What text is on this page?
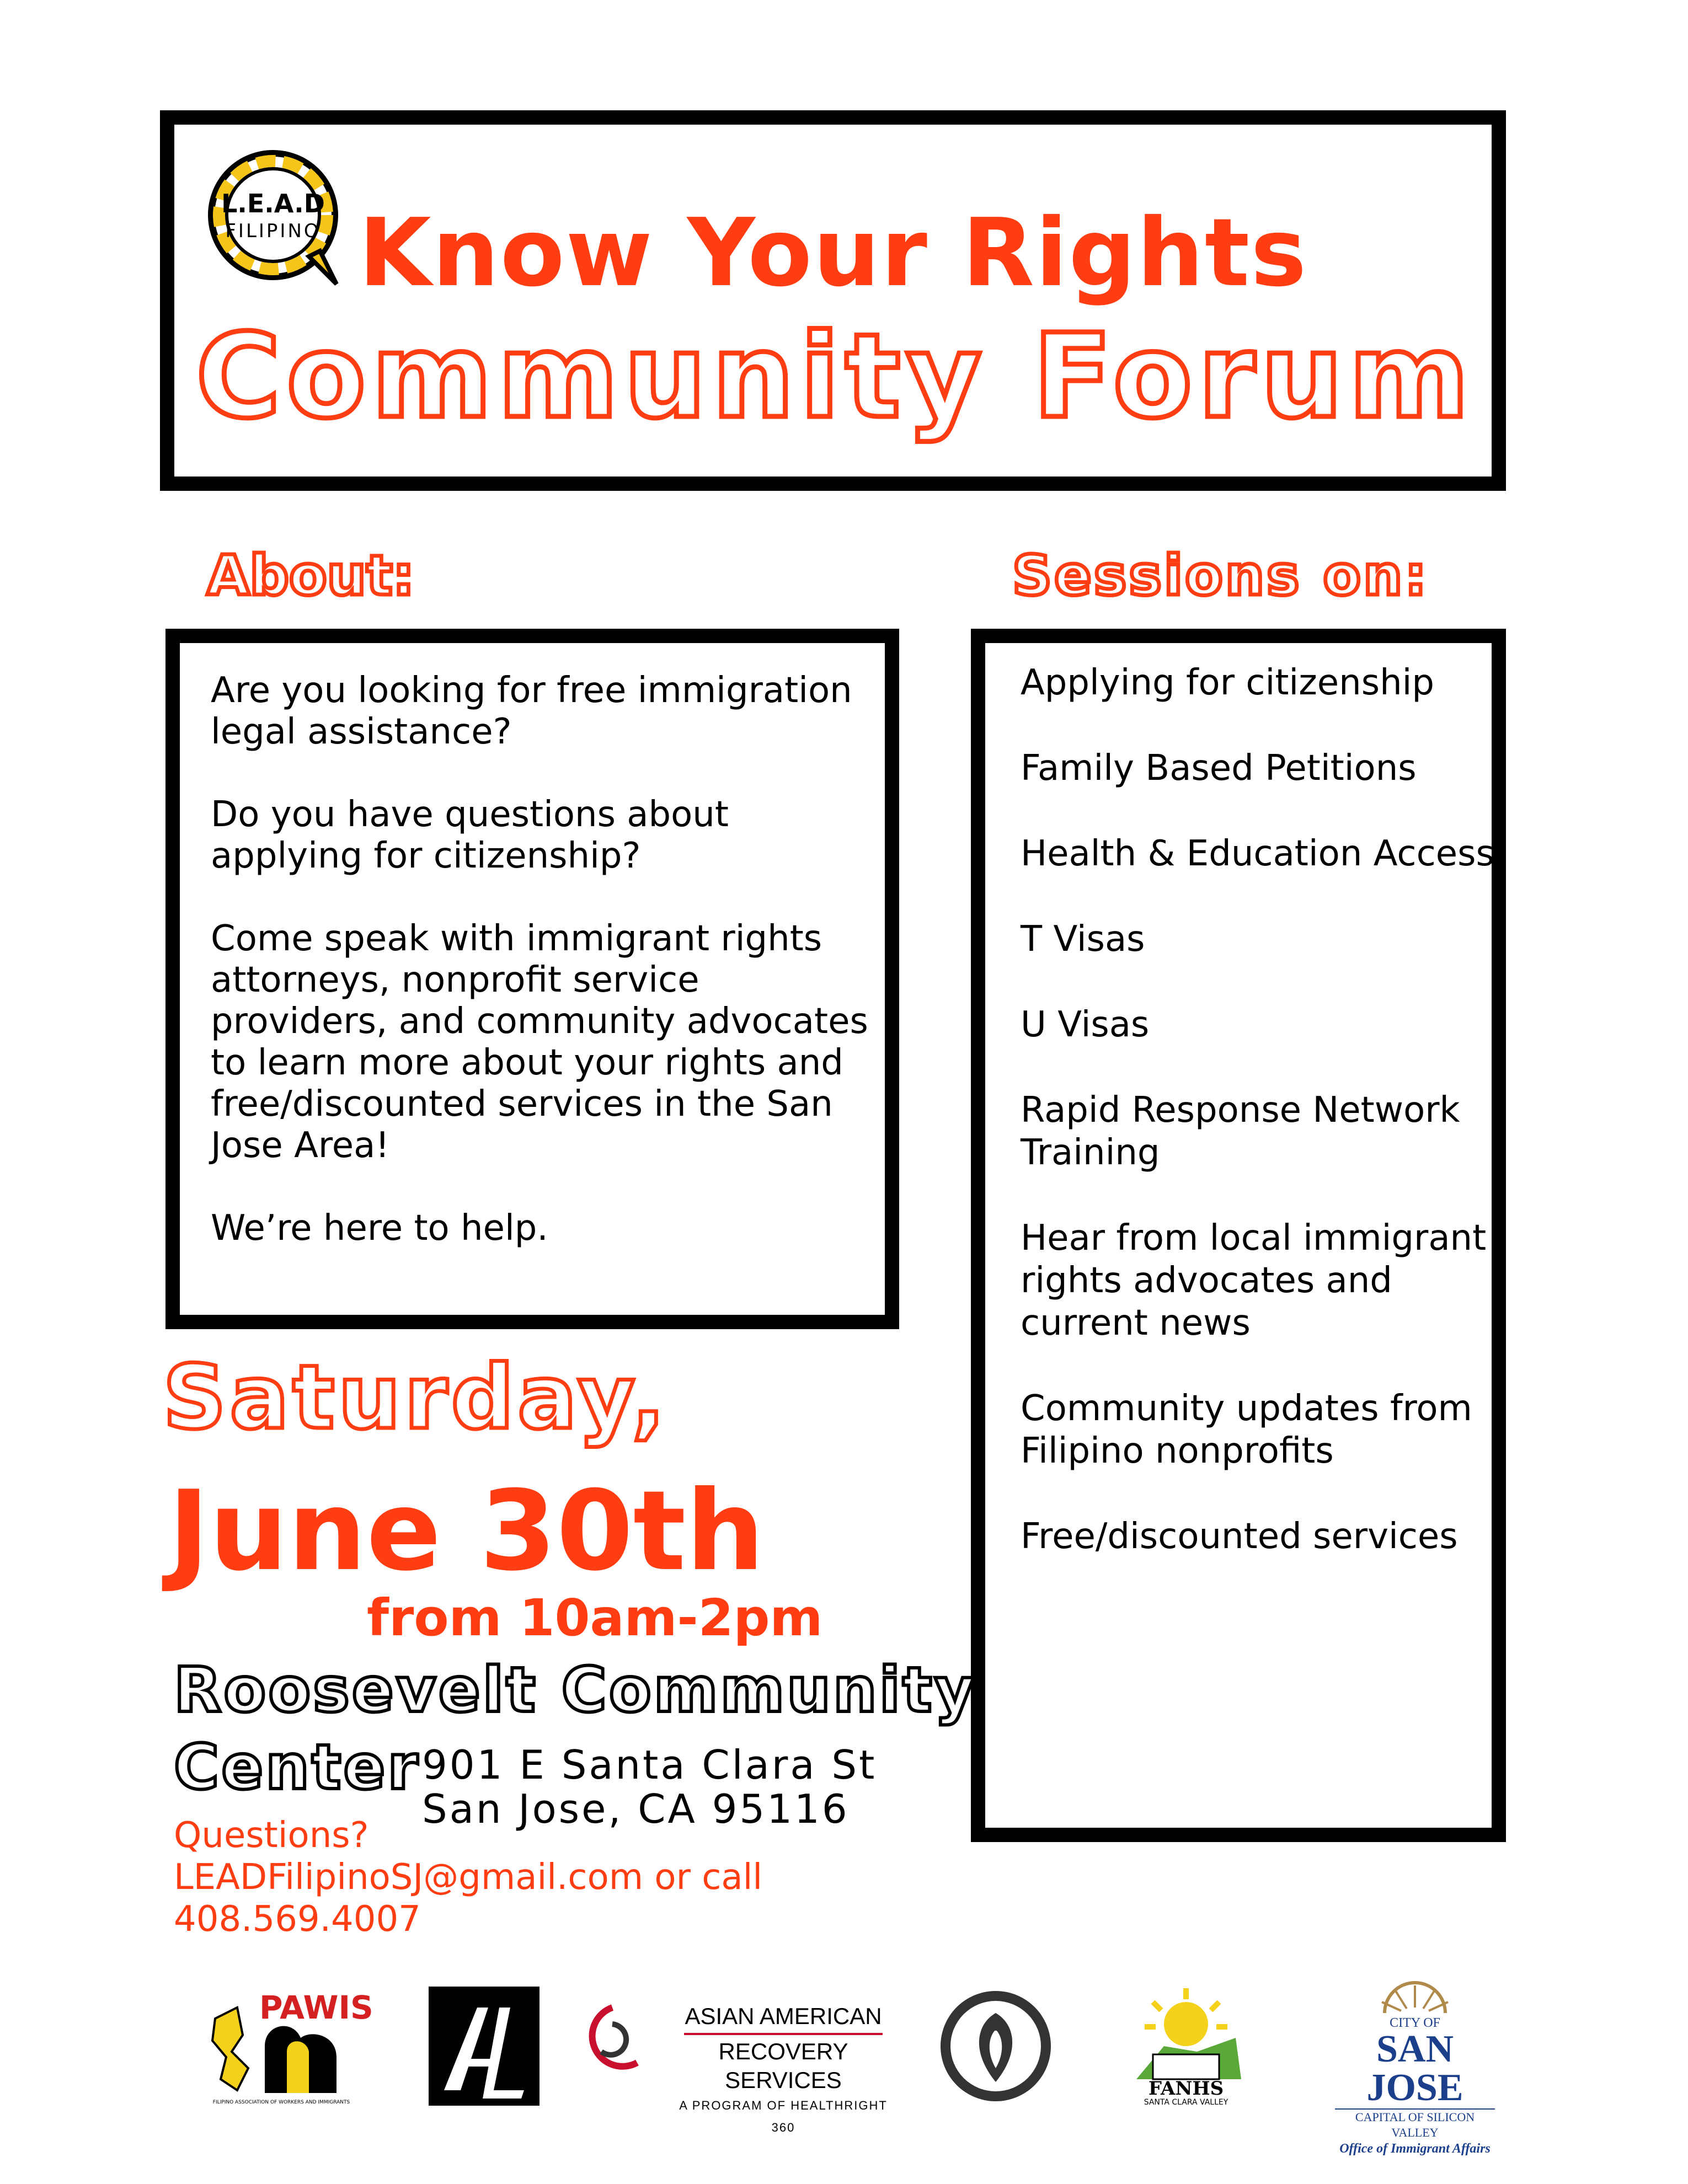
L.E.A.D
FILIPINO Know Your Rights
Community Forum
About:	Sessions on:

Are you looking for free immigration legal assistance?

Do you have questions about applying for citizenship?

Come speak with immigrant rights attorneys, nonprofit service providers, and community advocates to learn more about your rights and free/discounted services in the San Jose Area!

We’re here to help.

Applying for citizenship
Family Based Petitions
Health & Education Access
T Visas
U Visas
Rapid Response Network Training
Hear from local immigrant rights advocates and current news
Community updates from Filipino nonprofits
Free/discounted services
Saturday,
June 30th
from 10am-2pm
Roosevelt Community
Center 901 E Santa Clara St
San Jose, CA 95116
Questions?
LEADFilipinoSJ@gmail.com or call
408.569.4007
PAWIS
FILIPINO ASSOCIATION OF WORKERS AND IMMIGRANTS
AL
ASIAN AMERICAN
RECOVERY SERVICES
A PROGRAM OF HEALTHRIGHT 360
FANHS
SANTA CLARA VALLEY
CITY OF
SAN JOSE
CAPITAL OF SILICON VALLEY
Office of Immigrant Affairs
